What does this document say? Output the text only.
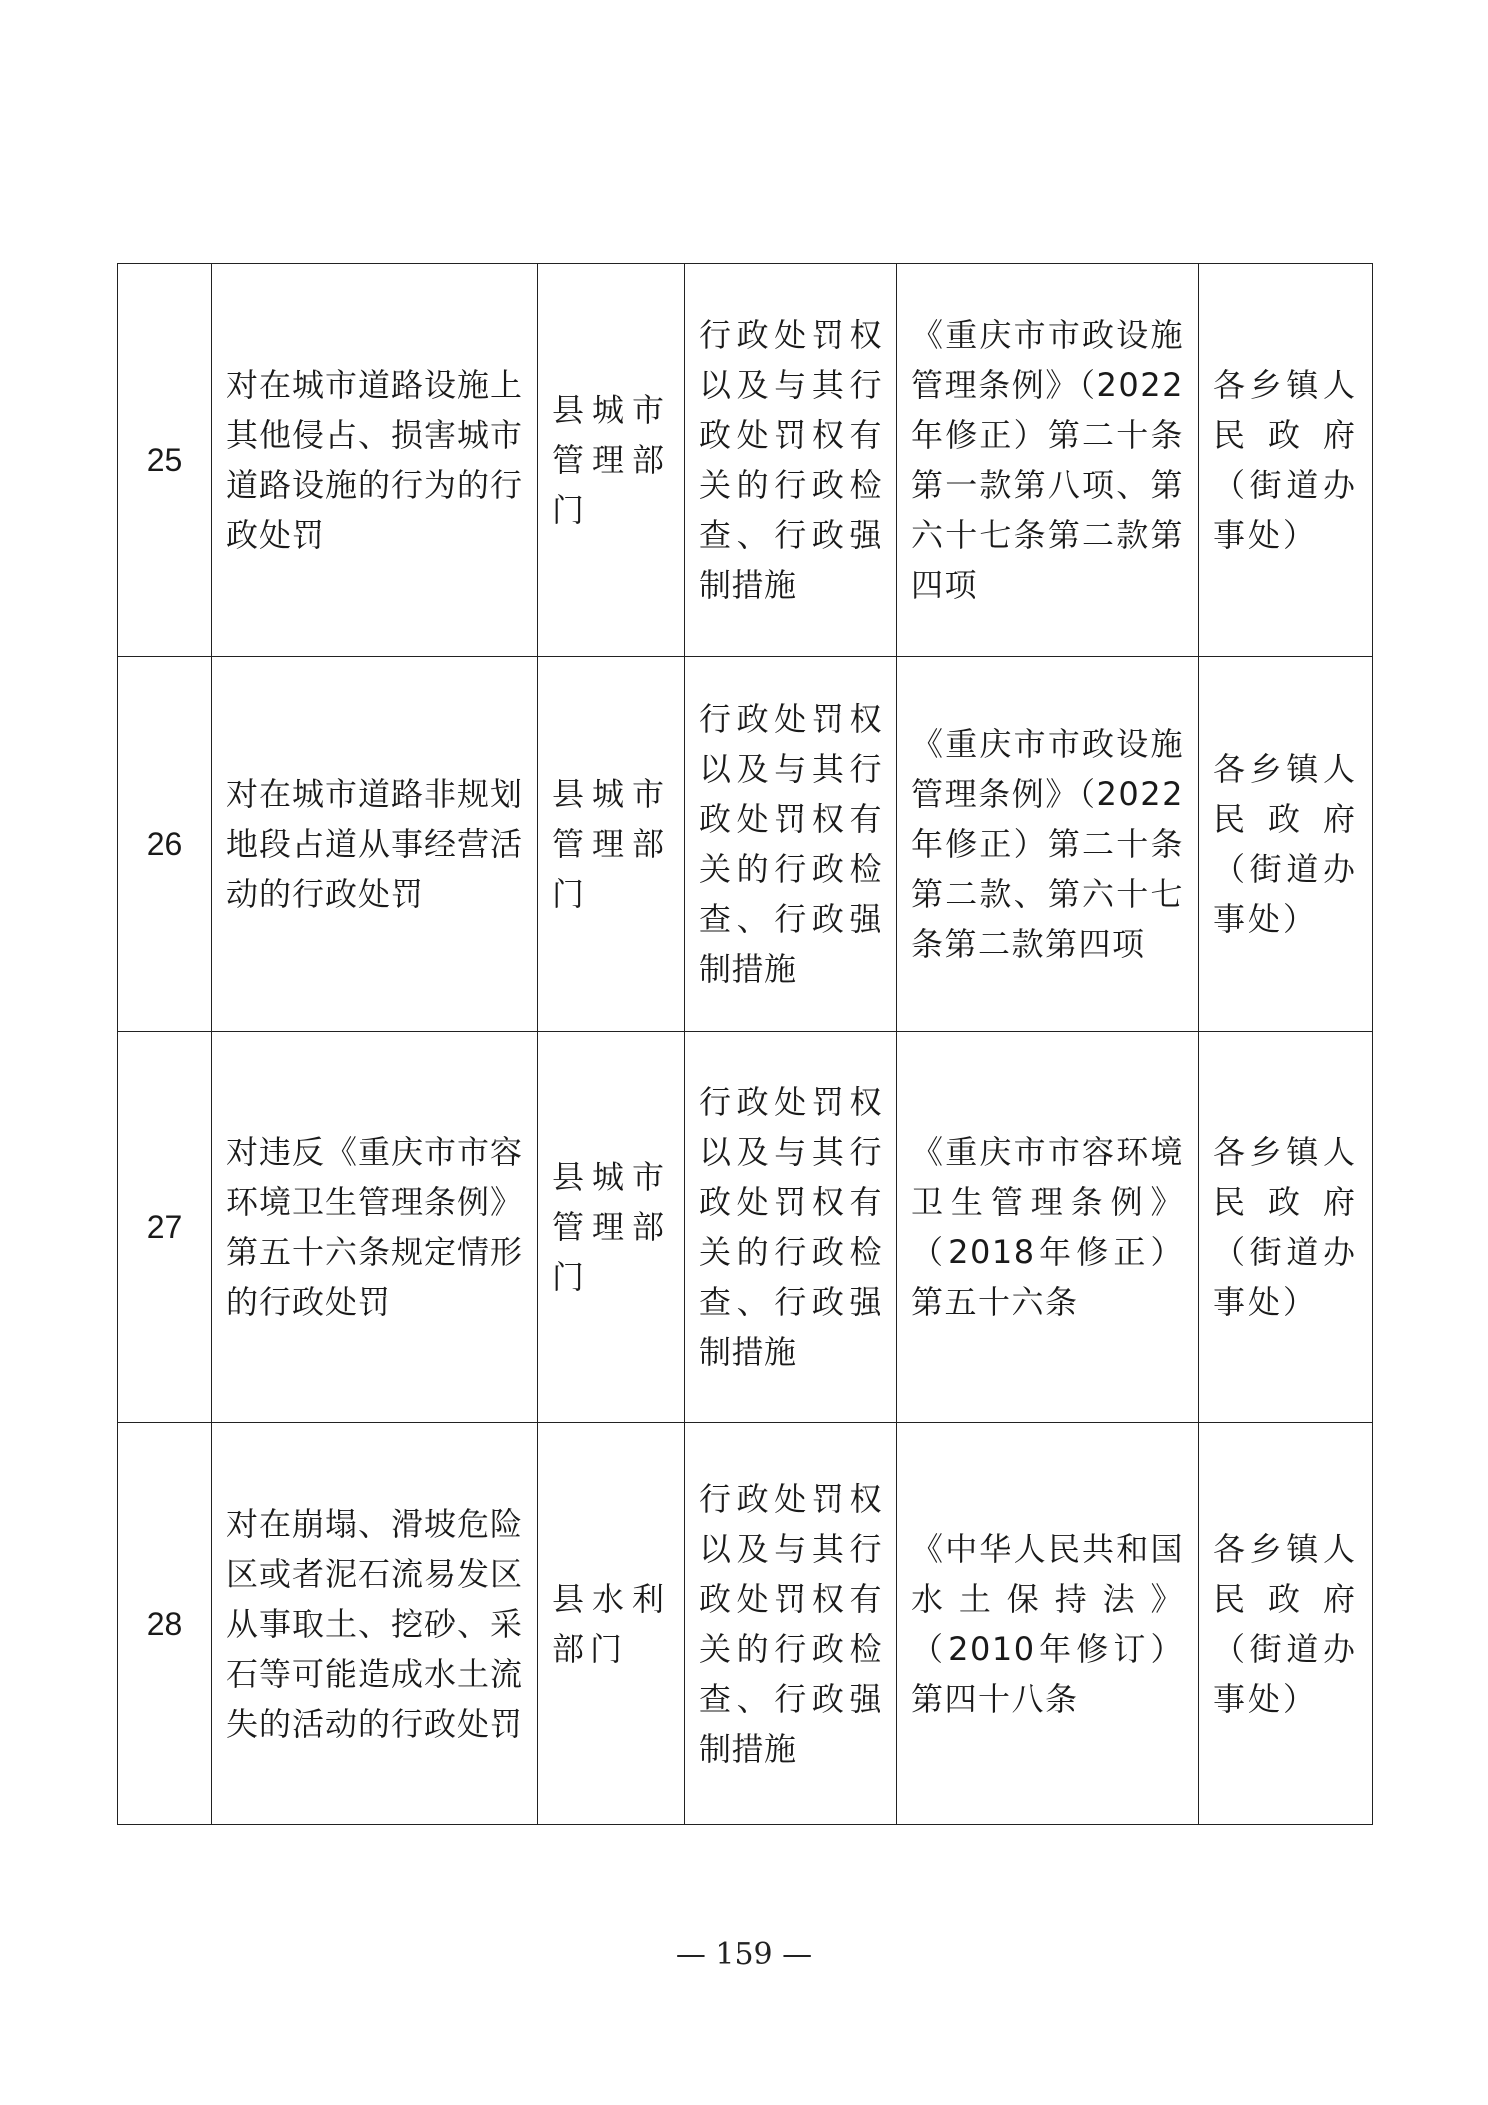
25	对在城市道路设施上其他侵占、损害城市道路设施的行为的行政处罚	县城市管理部门	行政处罚权以及与其行政处罚权有关的行政检查、行政强制措施	《重庆市市政设施管理条例》（2022年修正）第二十条第一款第八项、第六十七条第二款第四项	各乡镇人民政府（街道办事处）
26	对在城市道路非规划地段占道从事经营活动的行政处罚	县城市管理部门	行政处罚权以及与其行政处罚权有关的行政检查、行政强制措施	《重庆市市政设施管理条例》（2022年修正）第二十条第二款、第六十七条第二款第四项	各乡镇人民政府（街道办事处）
27	对违反《重庆市市容环境卫生管理条例》第五十六条规定情形的行政处罚	县城市管理部门	行政处罚权以及与其行政处罚权有关的行政检查、行政强制措施	《重庆市市容环境卫生管理条例》（2018年修正）第五十六条	各乡镇人民政府（街道办事处）
28	对在崩塌、滑坡危险区或者泥石流易发区从事取土、挖砂、采石等可能造成水土流失的活动的行政处罚	县水利部门	行政处罚权以及与其行政处罚权有关的行政检查、行政强制措施	《中华人民共和国水土保持法》（2010年修订）第四十八条	各乡镇人民政府（街道办事处）
— 159 —
